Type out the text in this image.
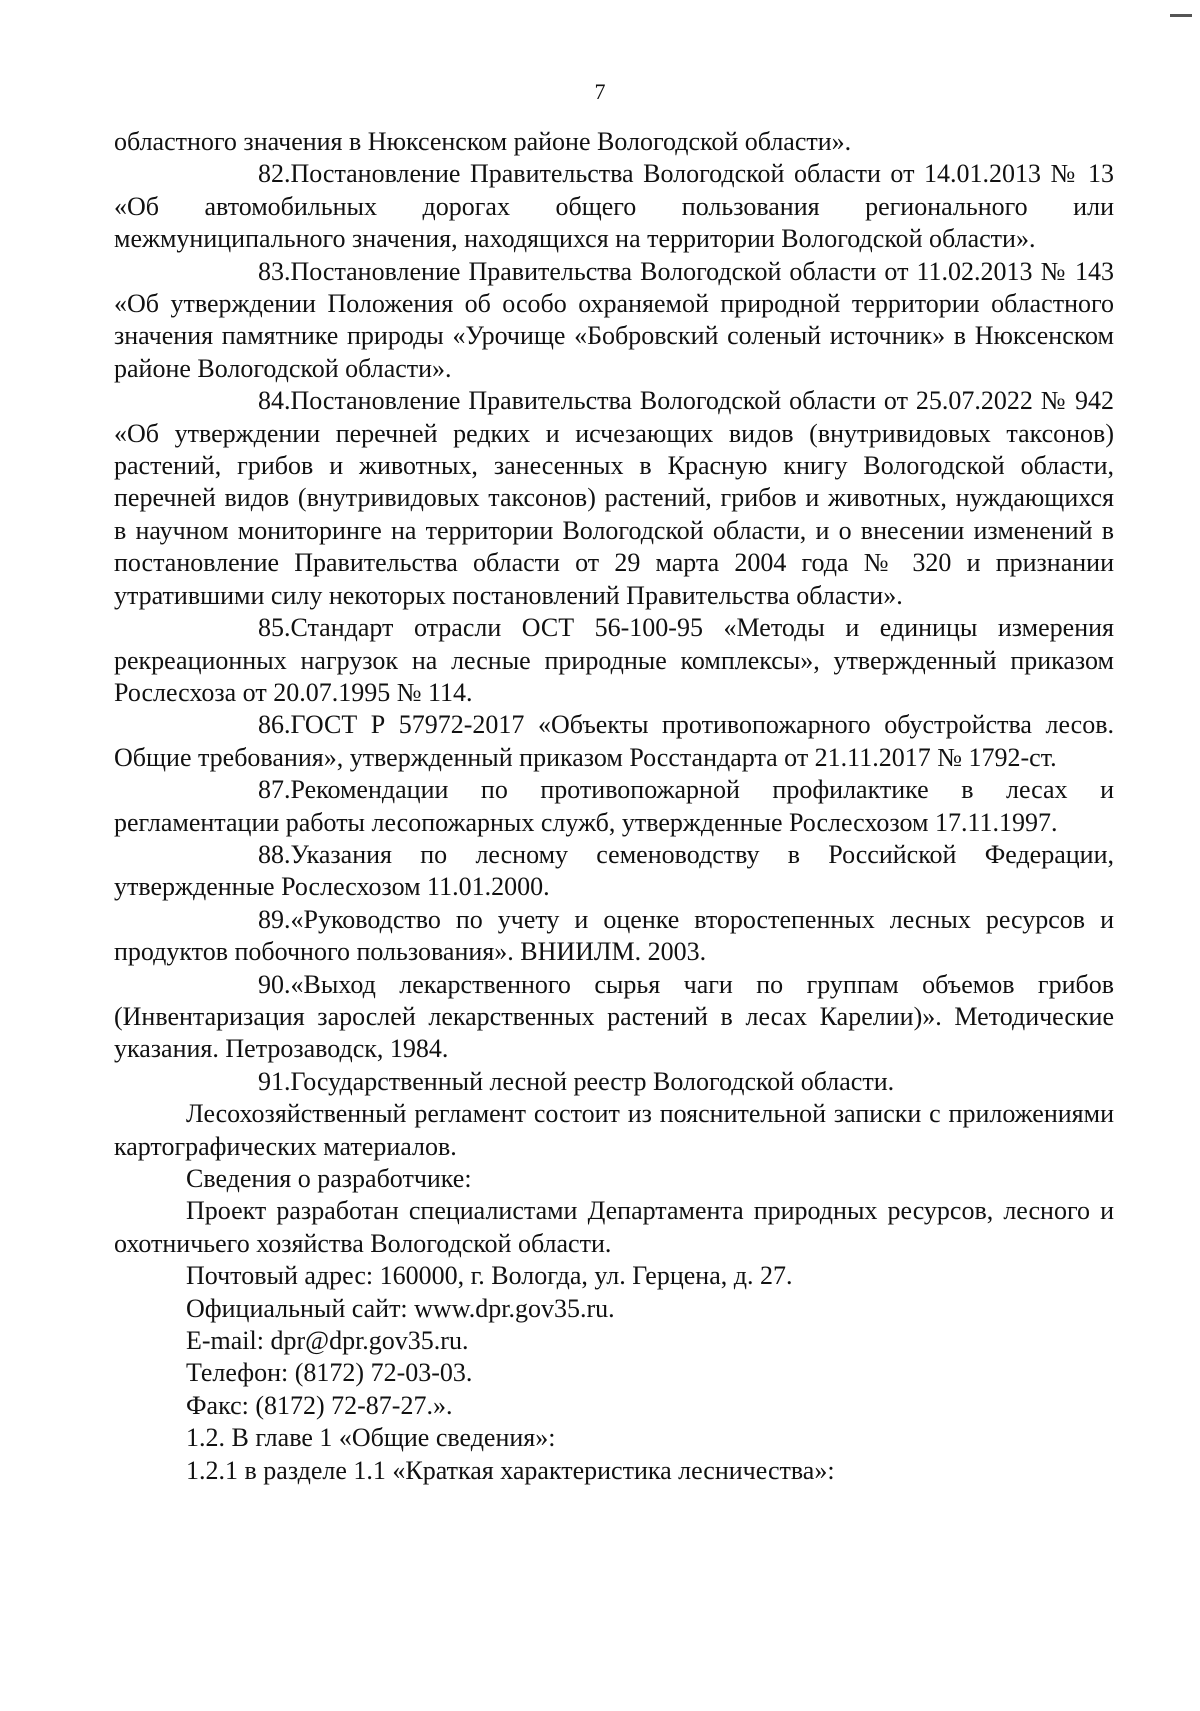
7

областного значения в Нюксенском районе Вологодской области».

82.Постановление Правительства Вологодской области от 14.01.2013 № 13 «Об автомобильных дорогах общего пользования регионального или межмуниципального значения, находящихся на территории Вологодской области».

83.Постановление Правительства Вологодской области от 11.02.2013 № 143 «Об утверждении Положения об особо охраняемой природной территории областного значения памятнике природы «Урочище «Бобровский соленый источник» в Нюксенском районе Вологодской области».

84.Постановление Правительства Вологодской области от 25.07.2022 № 942 «Об утверждении перечней редких и исчезающих видов (внутривидовых таксонов) растений, грибов и животных, занесенных в Красную книгу Вологодской области, перечней видов (внутривидовых таксонов) растений, грибов и животных, нуждающихся в научном мониторинге на территории Вологодской области, и о внесении изменений в постановление Правительства области от 29 марта 2004 года № 320 и признании утратившими силу некоторых постановлений Правительства области».

85.Стандарт отрасли ОСТ 56-100-95 «Методы и единицы измерения рекреационных нагрузок на лесные природные комплексы», утвержденный приказом Рослесхоза от 20.07.1995 № 114.

86.ГОСТ Р 57972-2017 «Объекты противопожарного обустройства лесов. Общие требования», утвержденный приказом Росстандарта от 21.11.2017 № 1792-ст.

87.Рекомендации по противопожарной профилактике в лесах и регламентации работы лесопожарных служб, утвержденные Рослесхозом 17.11.1997.

88.Указания по лесному семеноводству в Российской Федерации, утвержденные Рослесхозом 11.01.2000.

89.«Руководство по учету и оценке второстепенных лесных ресурсов и продуктов побочного пользования». ВНИИЛМ. 2003.

90.«Выход лекарственного сырья чаги по группам объемов грибов (Инвентаризация зарослей лекарственных растений в лесах Карелии)». Методические указания. Петрозаводск, 1984.

91.Государственный лесной реестр Вологодской области.

Лесохозяйственный регламент состоит из пояснительной записки с приложениями картографических материалов.

Сведения о разработчике:

Проект разработан специалистами Департамента природных ресурсов, лесного и охотничьего хозяйства Вологодской области.

Почтовый адрес: 160000, г. Вологда, ул. Герцена, д. 27.

Официальный сайт: www.dpr.gov35.ru.

E-mail: dpr@dpr.gov35.ru.

Телефон: (8172) 72-03-03.

Факс: (8172) 72-87-27.».

1.2. В главе 1 «Общие сведения»:

1.2.1 в разделе 1.1 «Краткая характеристика лесничества»:
